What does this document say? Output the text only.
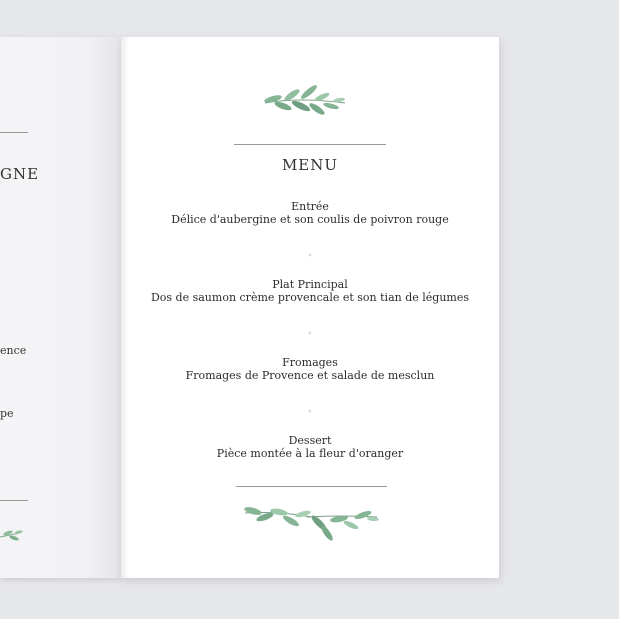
GNE
ence
pe
MENU
Entrée
Délice d'aubergine et son coulis de poivron rouge
◦
Plat Principal
Dos de saumon crème provencale et son tian de légumes
◦
Fromages
Fromages de Provence et salade de mesclun
◦
Dessert
Pièce montée à la fleur d'oranger
